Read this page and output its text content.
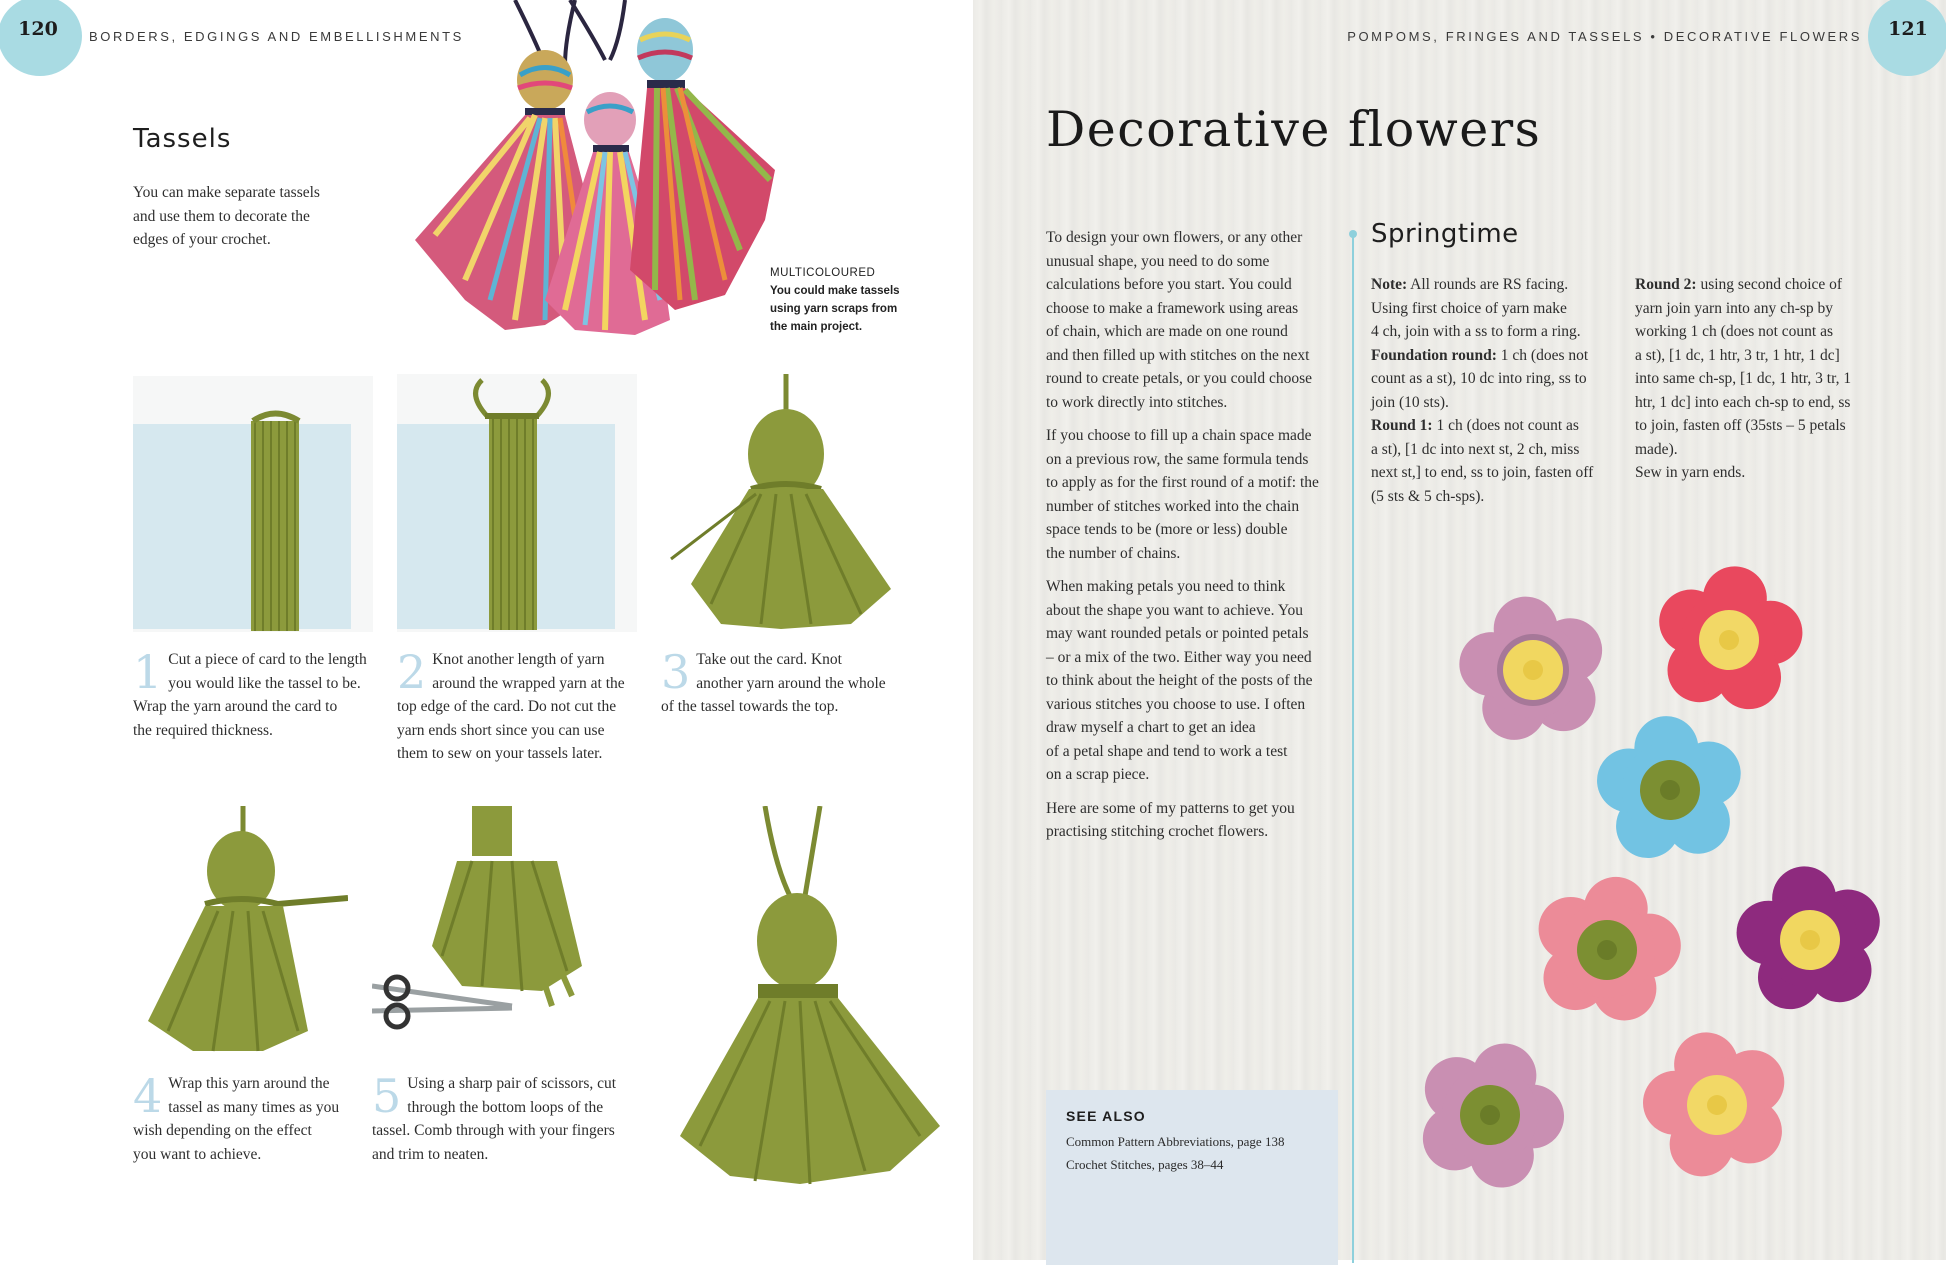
120 BORDERS, EDGINGS AND EMBELLISHMENTS
Tassels
You can make separate tassels
and use them to decorate the
edges of your crochet.
MULTICOLOURED
You could make tassels
using yarn scraps from
the main project.
1 Cut a piece of card to the length
you would like the tassel to be.
Wrap the yarn around the card to
the required thickness.
2 Knot another length of yarn
around the wrapped yarn at the
top edge of the card. Do not cut the
yarn ends short since you can use
them to sew on your tassels later.
3 Take out the card. Knot
another yarn around the whole
of the tassel towards the top.
4 Wrap this yarn around the
tassel as many times as you
wish depending on the effect
you want to achieve.
5 Using a sharp pair of scissors, cut
through the bottom loops of the
tassel. Comb through with your fingers
and trim to neaten.
POMPOMS, FRINGES AND TASSELS • DECORATIVE FLOWERS 121
Decorative flowers

To design your own flowers, or any other
unusual shape, you need to do some
calculations before you start. You could
choose to make a framework using areas
of chain, which are made on one round
and then filled up with stitches on the next
round to create petals, or you could choose
to work directly into stitches.

If you choose to fill up a chain space made
on a previous row, the same formula tends
to apply as for the first round of a motif: the
number of stitches worked into the chain
space tends to be (more or less) double
the number of chains.

When making petals you need to think
about the shape you want to achieve. You
may want rounded petals or pointed petals
– or a mix of the two. Either way you need
to think about the height of the posts of the
various stitches you choose to use. I often
draw myself a chart to get an idea
of a petal shape and tend to work a test
on a scrap piece.

Here are some of my patterns to get you
practising stitching crochet flowers.

Springtime
Note: All rounds are RS facing.
Using first choice of yarn make
4 ch, join with a ss to form a ring.
Foundation round: 1 ch (does not
count as a st), 10 dc into ring, ss to
join (10 sts).
Round 1: 1 ch (does not count as
a st), [1 dc into next st, 2 ch, miss
next st,] to end, ss to join, fasten off
(5 sts & 5 ch-sps).
Round 2: using second choice of
yarn join yarn into any ch-sp by
working 1 ch (does not count as
a st), [1 dc, 1 htr, 3 tr, 1 htr, 1 dc]
into same ch-sp, [1 dc, 1 htr, 3 tr, 1
htr, 1 dc] into each ch-sp to end, ss
to join, fasten off (35sts – 5 petals
made).
Sew in yarn ends.
SEE ALSO
Common Pattern Abbreviations, page 138
Crochet Stitches, pages 38–44
